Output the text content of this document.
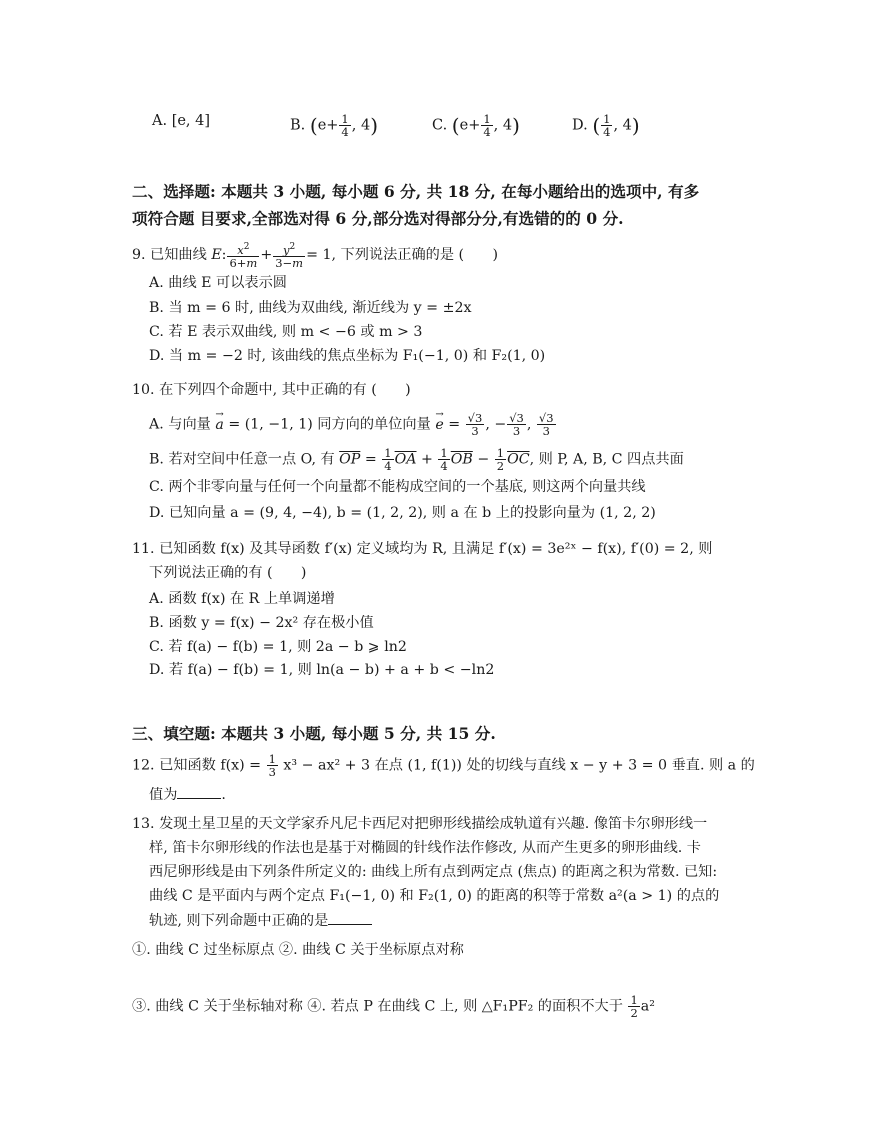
A. [e, 4]	B. ($e+ \frac{1}{4}$ , 4)	C. ($e+ \frac{1}{4}$ , 4)	D. ( $\frac{1}{4}$ , 4)
二、选择题: 本题共 3 小题, 每小题 6 分, 共 18 分, 在每小题给出的选项中, 有多
项符合题 目要求,全部选对得 6 分,部分选对得部分分,有选错的的 0 分.
9. 已知曲线 E: $\frac{x^2}{6+m} + \frac{y^2}{3-m} = 1$, 下列说法正确的是 (　　)
A. 曲线 E 可以表示圆
B. 当 m = 6 时, 曲线为双曲线, 渐近线为 y = ±2x
C. 若 E 表示双曲线, 则 m < −6 或 m > 3
D. 当 m = −2 时, 该曲线的焦点坐标为 F₁(−1, 0) 和 F₂(1, 0)
10. 在下列四个命题中, 其中正确的有 (　　)
A. 与向量 → a = (1, −1, 1) 同方向的单位向量 → $e = \frac{√3}{3}$ , − $\frac{√3}{3}$ , $\frac{√3}{3}$
B. 若对空间中任意一点 O, 有 $\overline{OP} = \frac{1}{4} \overline{OA} + \frac{1}{4} \overline{OB} - \frac{1}{2} \overline{OC}$, 则 P, A, B, C 四点共面
C. 两个非零向量与任何一个向量都不能构成空间的一个基底, 则这两个向量共线
D. 已知向量 a = (9, 4, −4), b = (1, 2, 2), 则 a 在 b 上的投影向量为 (1, 2, 2)
11. 已知函数 f(x) 及其导函数 f′(x) 定义域均为 R, 且满足 f′(x) = 3e²ˣ − f(x), f′(0) = 2, 则
下列说法正确的有 (　　)
A. 函数 f(x) 在 R 上单调递增
B. 函数 y = f(x) − 2x² 存在极小值
C. 若 f(a) − f(b) = 1, 则 2a − b ⩾ ln2
D. 若 f(a) − f(b) = 1, 则 ln(a − b) + a + b < −ln2
三、填空题: 本题共 3 小题, 每小题 5 分, 共 15 分.
12. 已知函数 $f(x) = \frac{1}{3} x^3 - ax^2 + 3$ 在点 (1, f(1)) 处的切线与直线 x − y + 3 = 0 垂直. 则 a 的
值为	.
13. 发现土星卫星的天文学家乔凡尼卡西尼对把卵形线描绘成轨道有兴趣. 像笛卡尔卵形线一
样, 笛卡尔卵形线的作法也是基于对椭圆的针线作法作修改, 从而产生更多的卵形曲线. 卡
西尼卵形线是由下列条件所定义的: 曲线上所有点到两定点 (焦点) 的距离之积为常数. 已知:
曲线 C 是平面内与两个定点 F₁(−1, 0) 和 F₂(1, 0) 的距离的积等于常数 a²(a > 1) 的点的
轨迹, 则下列命题中正确的是
①. 曲线 C 过坐标原点 ②. 曲线 C 关于坐标原点对称
③. 曲线 C 关于坐标轴对称 ④. 若点 P 在曲线 C 上, 则 △F₁PF₂ 的面积不大于 $\frac{1}{2} a^2$
